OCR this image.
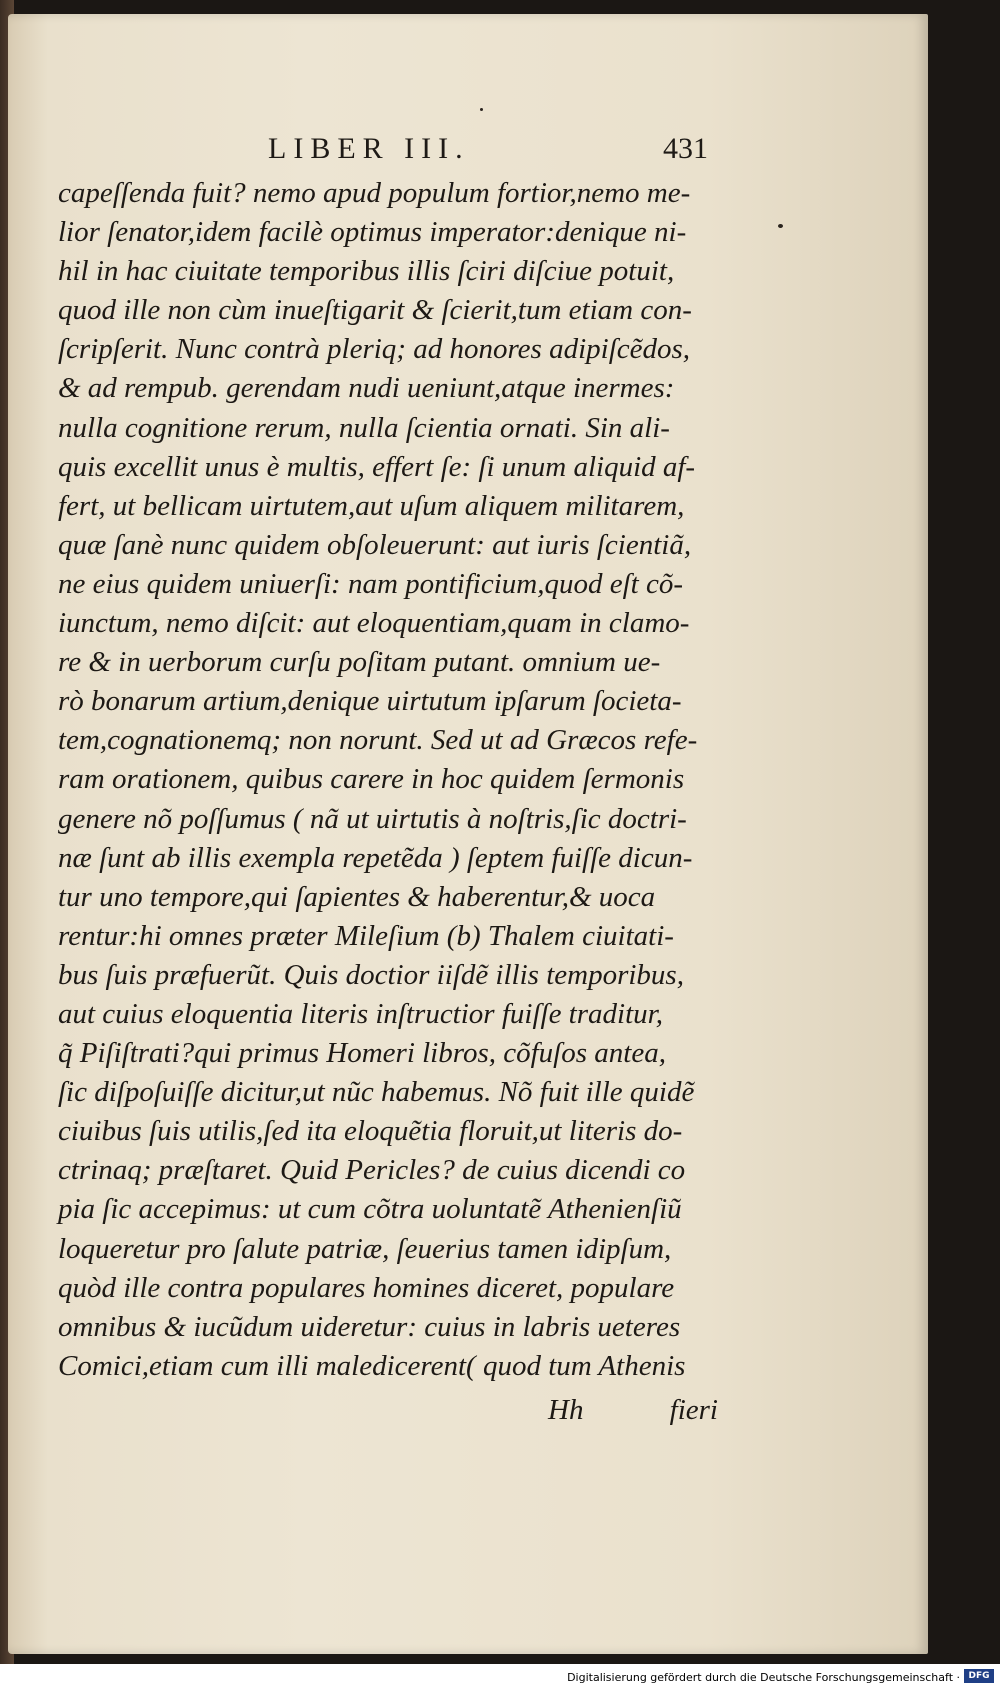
LIBER III.	431
capeſſenda fuit? nemo apud populum fortior,nemo me-
lior ſenator,idem facilè optimus imperator:denique ni-
hil in hac ciuitate temporibus illis ſciri diſciue potuit,
quod ille non cùm inueſtigarit & ſcierit,tum etiam con-
ſcripſerit. Nunc contrà pleriq; ad honores adipiſcẽdos,
& ad rempub. gerendam nudi ueniunt,atque inermes:
nulla cognitione rerum, nulla ſcientia ornati. Sin ali-
quis excellit unus è multis, effert ſe: ſi unum aliquid af-
fert, ut bellicam uirtutem,aut uſum aliquem militarem,
quæ ſanè nunc quidem obſoleuerunt: aut iuris ſcientiã,
ne eius quidem uniuerſi: nam pontificium,quod eſt cõ-
iunctum, nemo diſcit: aut eloquentiam,quam in clamo-
re & in uerborum curſu poſitam putant. omnium ue-
rò bonarum artium,denique uirtutum ipſarum ſocieta-
tem,cognationemq; non norunt. Sed ut ad Græcos refe-
ram orationem, quibus carere in hoc quidem ſermonis
genere nõ poſſumus ( nã ut uirtutis à noſtris,ſic doctri-
næ ſunt ab illis exempla repetẽda ) ſeptem fuiſſe dicun-
tur uno tempore,qui ſapientes & haberentur,& uoca
rentur:hi omnes præter Mileſium (b) Thalem ciuitati-
bus ſuis præfuerũt. Quis doctior iiſdẽ illis temporibus,
aut cuius eloquentia literis inſtructior fuiſſe traditur,
q̃ Piſiſtrati?qui primus Homeri libros, cõfuſos antea,
ſic diſpoſuiſſe dicitur,ut nũc habemus. Nõ fuit ille quidẽ
ciuibus ſuis utilis,ſed ita eloquẽtia floruit,ut literis do-
ctrinaq; præſtaret. Quid Pericles? de cuius dicendi co
pia ſic accepimus: ut cum cõtra uoluntatẽ Athenienſiũ
loqueretur pro ſalute patriæ, ſeuerius tamen idipſum,
quòd ille contra populares homines diceret, populare
omnibus & iucũdum uideretur: cuius in labris ueteres
Comici,etiam cum illi maledicerent( quod tum Athenis
Hh	fieri
Digitalisierung gefördert durch die Deutsche Forschungsgemeinschaft · DFG
